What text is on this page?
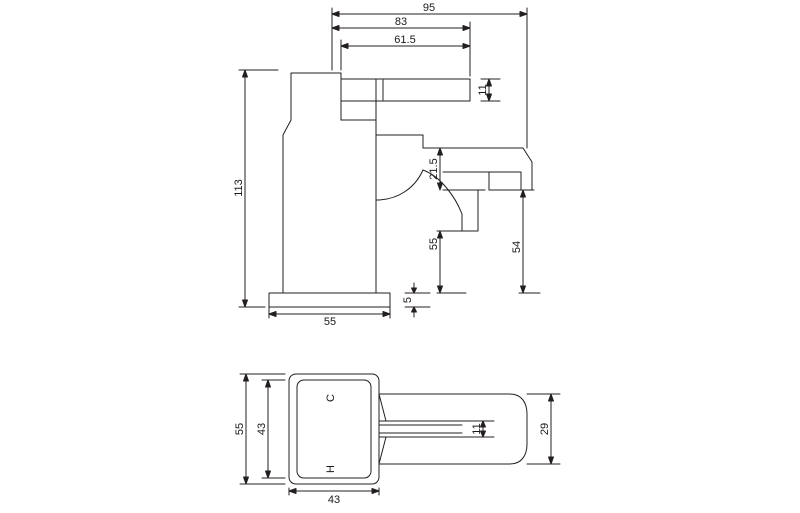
95
83
61.5
11
113
21.5
55	54
5
55
C
H
55 43	11	29
43
